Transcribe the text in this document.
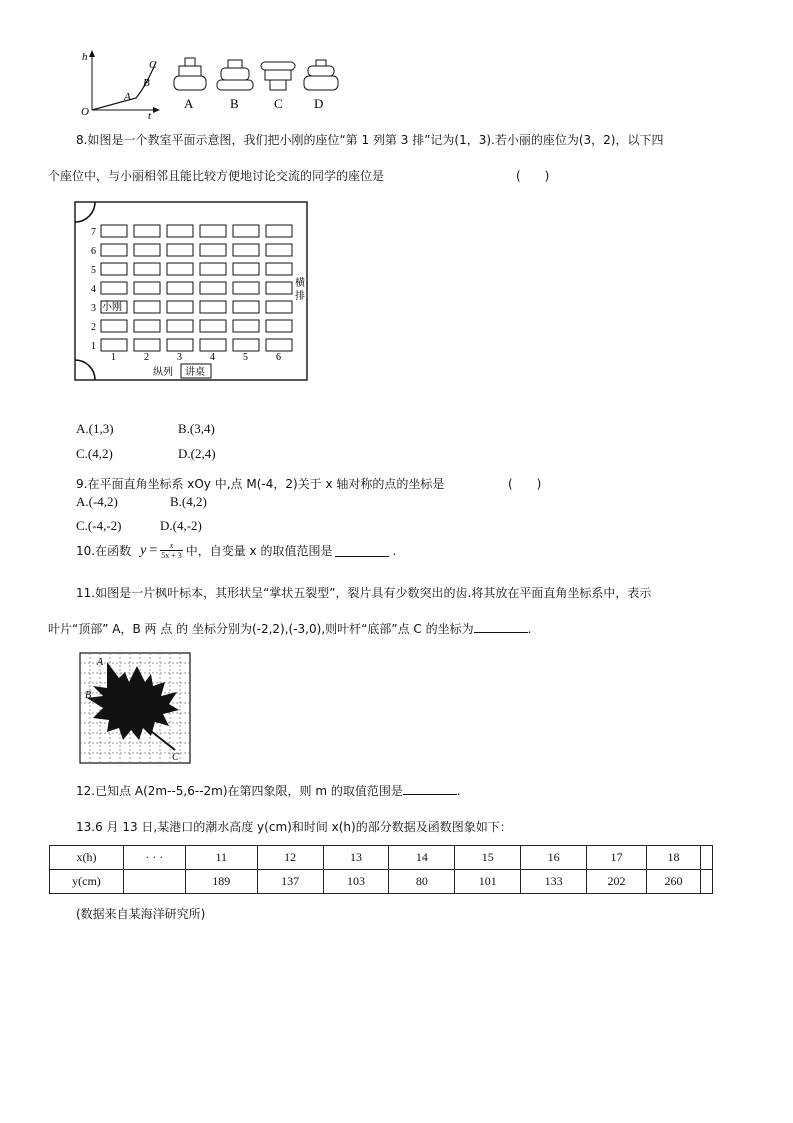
h
t
O
A
B
C
A	B	C D
8.如图是一个教室平面示意图，我们把小刚的座位“第 1 列第 3 排”记为(1，3).若小丽的座位为(3，2)，以下四
个座位中，与小丽相邻且能比较方便地讨论交流的同学的座位是	(　　)
7
6
5
4
3
2
1
1	2	3	4	5	6
小刚
横
排
纵列 讲桌
A.(1,3)	B.(3,4)
C.(4,2)	D.(2,4)
9.在平面直角坐标系 xOy 中,点 M(-4，2)关于 x 轴对称的点的坐标是	(　　)
A.(-4,2)	B.(4,2)
C.(-4,-2)	D.(4,-2)
10.在函数 $y = \frac{x}{5x + 3}$ 中，自变量 x 的取值范围是	.
11.如图是一片枫叶标本，其形状呈“掌状五裂型”，裂片具有少数突出的齿.将其放在平面直角坐标系中，表示
叶片“顶部” A，B 两 点 的 坐标分别为(-2,2),(-3,0),则叶杆“底部”点 C 的坐标为	.
A
B
C
12.已知点 A(2m--5,6--2m)在第四象限，则 m 的取值范围是	.
13.6 月 13 日,某港口的潮水高度 y(cm)和时间 x(h)的部分数据及函数图象如下：
x(h)	· · ·	11	12	13	14	15	16	17	18	
y(cm)		189	137	103	80	101	133	202	260	
(数据来自某海洋研究所)
